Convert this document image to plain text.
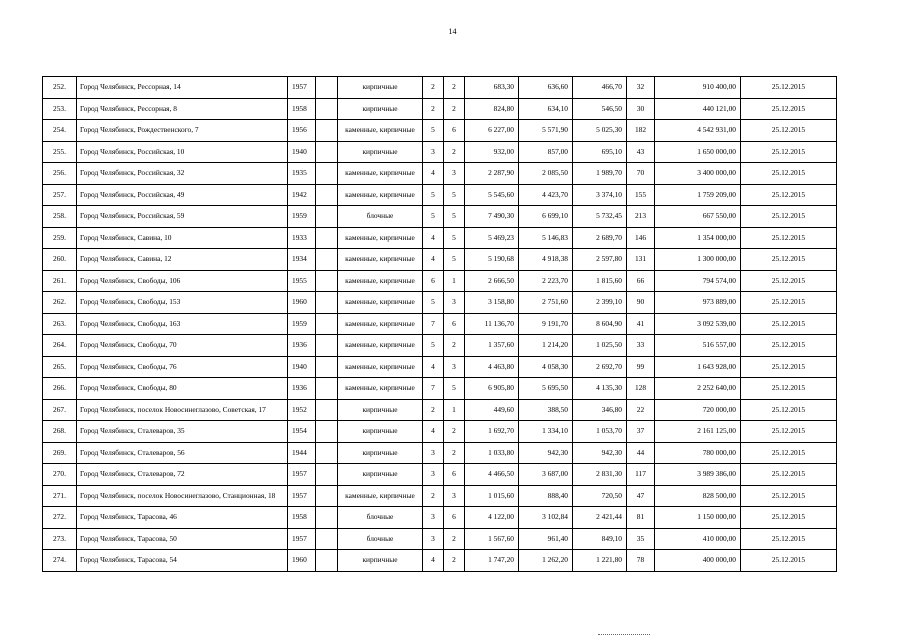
14
252.	Город Челябинск, Рессорная, 14	1957		кирпичные	2	2	683,30	636,60	466,70	32	910 400,00	25.12.2015
253.	Город Челябинск, Рессорная, 8	1958		кирпичные	2	2	824,80	634,10	546,50	30	440 121,00	25.12.2015
254.	Город Челябинск, Рождественского, 7	1956		каменные, кирпичные	5	6	6 227,00	5 571,90	5 025,30	182	4 542 931,00	25.12.2015
255.	Город Челябинск, Российская, 10	1940		кирпичные	3	2	932,00	857,00	695,10	43	1 650 000,00	25.12.2015
256.	Город Челябинск, Российская, 32	1935		каменные, кирпичные	4	3	2 287,90	2 085,50	1 989,70	70	3 400 000,00	25.12.2015
257.	Город Челябинск, Российская, 49	1942		каменные, кирпичные	5	5	5 545,60	4 423,70	3 374,10	155	1 759 209,00	25.12.2015
258.	Город Челябинск, Российская, 59	1959		блочные	5	5	7 490,30	6 699,10	5 732,45	213	667 550,00	25.12.2015
259.	Город Челябинск, Савина, 10	1933		каменные, кирпичные	4	5	5 469,23	5 146,83	2 689,70	146	1 354 000,00	25.12.2015
260.	Город Челябинск, Савина, 12	1934		каменные, кирпичные	4	5	5 190,68	4 918,38	2 597,80	131	1 300 000,00	25.12.2015
261.	Город Челябинск, Свободы, 106	1955		каменные, кирпичные	6	1	2 666,50	2 223,70	1 815,60	66	794 574,00	25.12.2015
262.	Город Челябинск, Свободы, 153	1960		каменные, кирпичные	5	3	3 158,80	2 751,60	2 399,10	90	973 889,00	25.12.2015
263.	Город Челябинск, Свободы, 163	1959		каменные, кирпичные	7	6	11 136,70	9 191,70	8 604,90	41	3 092 539,00	25.12.2015
264.	Город Челябинск, Свободы, 70	1936		каменные, кирпичные	5	2	1 357,60	1 214,20	1 025,50	33	516 557,00	25.12.2015
265.	Город Челябинск, Свободы, 76	1940		каменные, кирпичные	4	3	4 463,80	4 058,30	2 692,70	99	1 643 928,00	25.12.2015
266.	Город Челябинск, Свободы, 80	1936		каменные, кирпичные	7	5	6 905,80	5 695,50	4 135,30	128	2 252 640,00	25.12.2015
267.	Город Челябинск, поселок Новосинеглазово, Советская, 17	1952		кирпичные	2	1	449,60	388,50	346,80	22	720 000,00	25.12.2015
268.	Город Челябинск, Сталеваров, 35	1954		кирпичные	4	2	1 692,70	1 334,10	1 053,70	37	2 161 125,00	25.12.2015
269.	Город Челябинск, Сталеваров, 56	1944		кирпичные	3	2	1 033,80	942,30	942,30	44	780 000,00	25.12.2015
270.	Город Челябинск, Сталеваров, 72	1957		кирпичные	3	6	4 466,50	3 687,00	2 831,30	117	3 989 386,00	25.12.2015
271.	Город Челябинск, поселок Новосинеглазово, Станционная, 18	1957		каменные, кирпичные	2	3	1 015,60	888,40	720,50	47	828 500,00	25.12.2015
272.	Город Челябинск, Тарасова, 46	1958		блочные	3	6	4 122,00	3 102,84	2 421,44	81	1 150 000,00	25.12.2015
273.	Город Челябинск, Тарасова, 50	1957		блочные	3	2	1 567,60	961,40	849,10	35	410 000,00	25.12.2015
274.	Город Челябинск, Тарасова, 54	1960		кирпичные	4	2	1 747,20	1 262,20	1 221,80	78	400 000,00	25.12.2015
